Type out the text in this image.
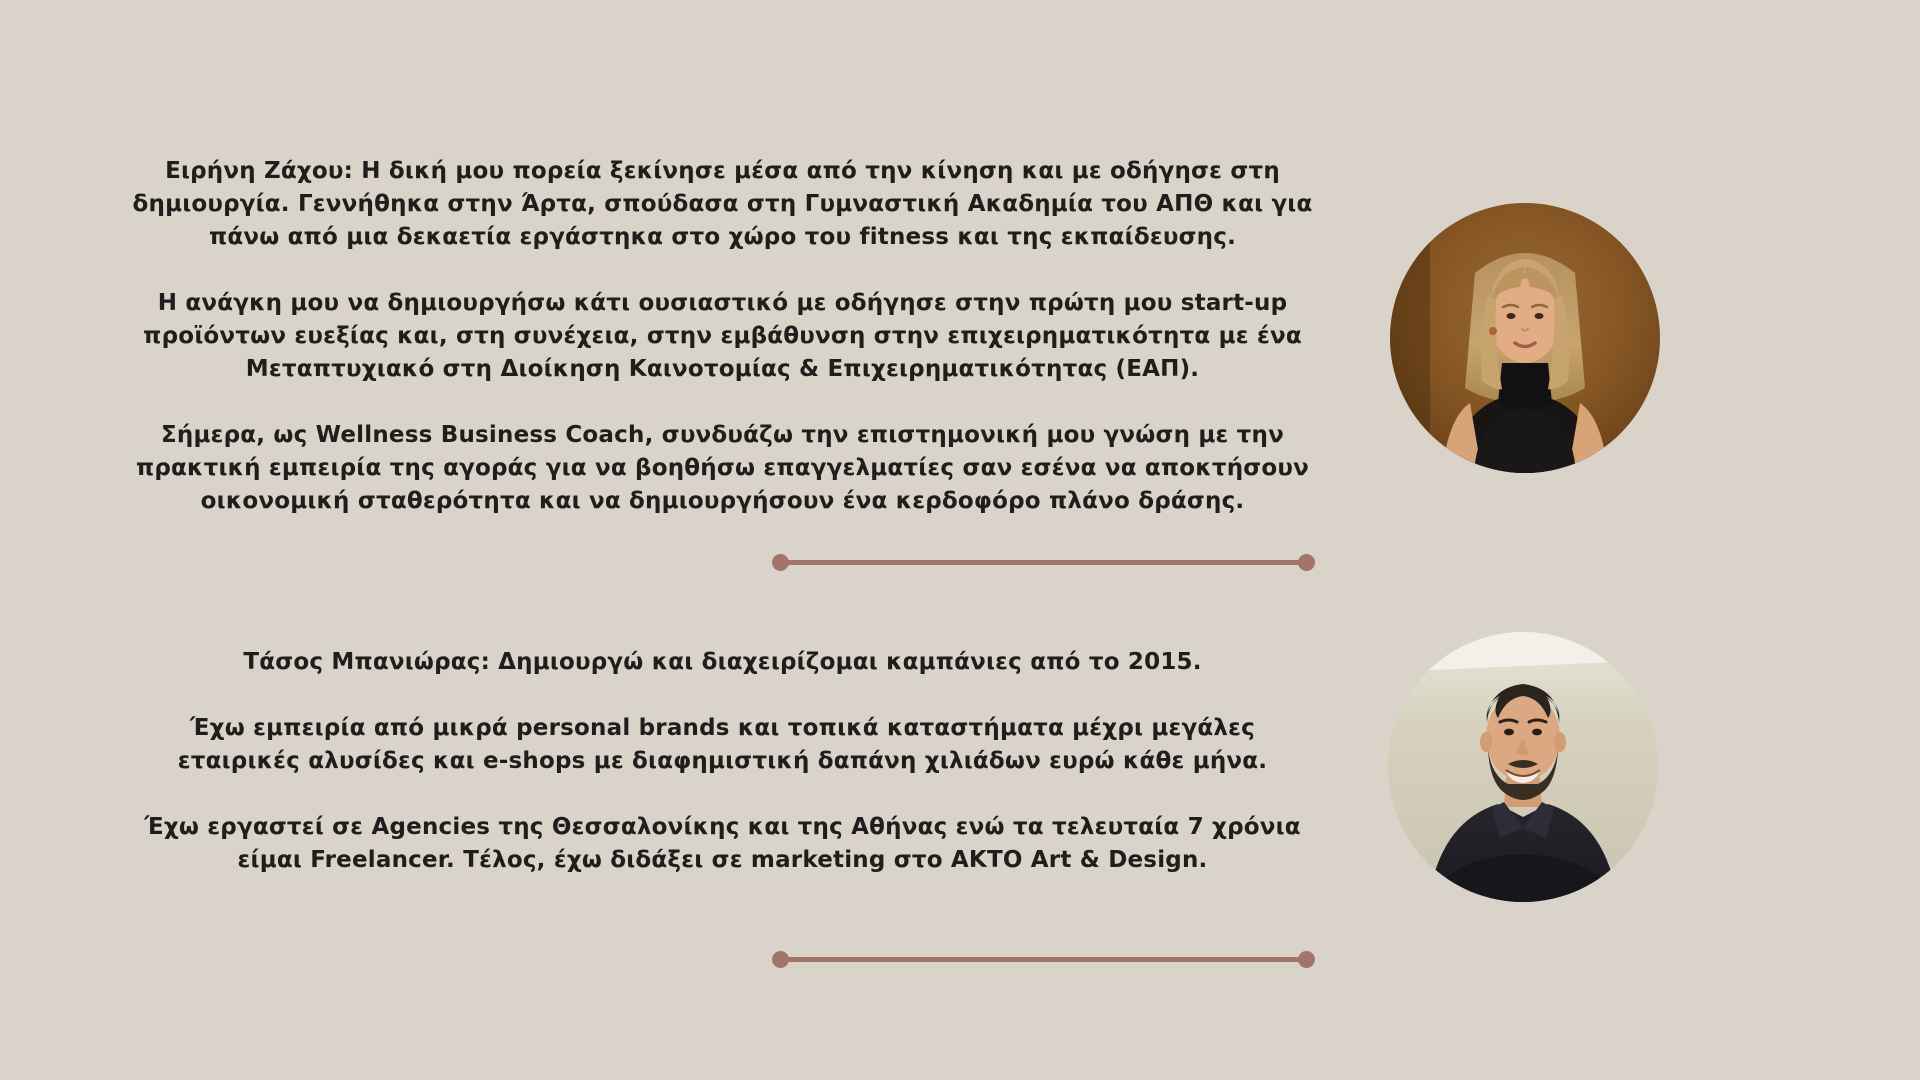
Ειρήνη Ζάχου: Η δική μου πορεία ξεκίνησε μέσα από την κίνηση και με οδήγησε στη δημιουργία. Γεννήθηκα στην Άρτα, σπούδασα στη Γυμναστική Ακαδημία του ΑΠΘ και για πάνω από μια δεκαετία εργάστηκα στο χώρο του fitness και της εκπαίδευσης.

Η ανάγκη μου να δημιουργήσω κάτι ουσιαστικό με οδήγησε στην πρώτη μου start-up προϊόντων ευεξίας και, στη συνέχεια, στην εμβάθυνση στην επιχειρηματικότητα με ένα Μεταπτυχιακό στη Διοίκηση Καινοτομίας & Επιχειρηματικότητας (ΕΑΠ).

Σήμερα, ως Wellness Business Coach, συνδυάζω την επιστημονική μου γνώση με την πρακτική εμπειρία της αγοράς για να βοηθήσω επαγγελματίες σαν εσένα να αποκτήσουν οικονομική σταθερότητα και να δημιουργήσουν ένα κερδοφόρο πλάνο δράσης.

Τάσος Μπανιώρας: Δημιουργώ και διαχειρίζομαι καμπάνιες από το 2015.

Έχω εμπειρία από μικρά personal brands και τοπικά καταστήματα μέχρι μεγάλες εταιρικές αλυσίδες και e-shops με διαφημιστική δαπάνη χιλιάδων ευρώ κάθε μήνα.

Έχω εργαστεί σε Agencies της Θεσσαλονίκης και της Αθήνας ενώ τα τελευταία 7 χρόνια είμαι Freelancer. Τέλος, έχω διδάξει σε marketing στο ΑΚΤΟ Art & Design.
